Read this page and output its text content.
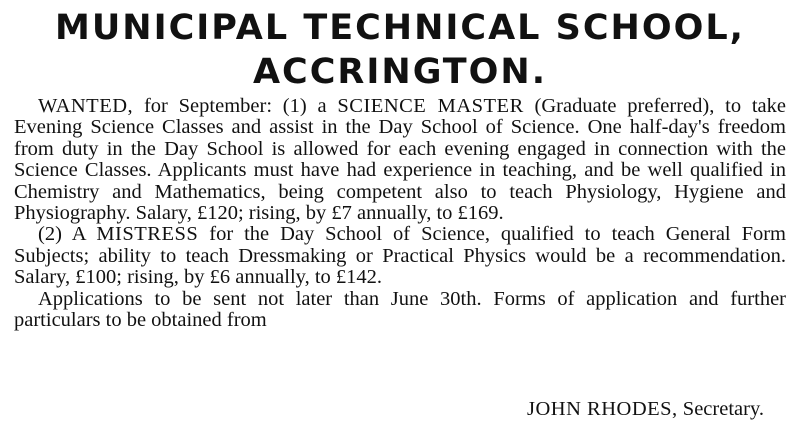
MUNICIPAL TECHNICAL SCHOOL,
ACCRINGTON.

WANTED, for September: (1) a SCIENCE MASTER (Graduate preferred), to take Evening Science Classes and assist in the Day School of Science. One half-day's freedom from duty in the Day School is allowed for each evening engaged in connection with the Science Classes. Applicants must have had experience in teaching, and be well qualified in Chemistry and Mathematics, being competent also to teach Physiology, Hygiene and Physiography. Salary, £120; rising, by £7 annually, to £169.

(2) A MISTRESS for the Day School of Science, qualified to teach General Form Subjects; ability to teach Dressmaking or Practical Physics would be a recommendation. Salary, £100; rising, by £6 annually, to £142.

Applications to be sent not later than June 30th. Forms of application and further particulars to be obtained from

JOHN RHODES, Secretary.
